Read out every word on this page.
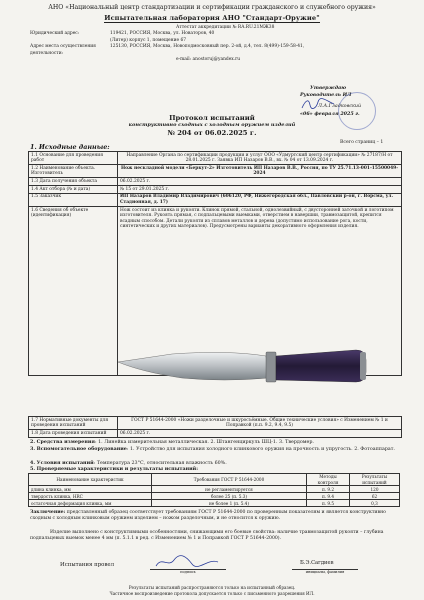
АНО «Национальный центр стандартизации и сертификации гражданского и служебного оружия»
Испытательная лаборатория АНО "Стандарт-Оружие"
Аттестат аккредитации № RA.RU.21МЖ38
Юридический адрес:	119421, РОССИЯ, Москва, ул. Новаторов, 40
(Литер) корпус 1, помещение 67
Адрес места осуществления деятельности:
125130, РОССИЯ, Москва, Новоподмосковный пер. 2-ой, д.4, тел. 8(499)-159-58-41,
e-mail: anostoruj@yandex.ru
Утверждаю
Руководитель ИЛ
Л.А.Гладковский
«06» февраля 2025 г.
Протокол испытаний
конструктивно сходных с холодным оружием изделий
№ 204 от 06.02.2025 г.
Всего страниц – 1
1. Исходные данные:
1.1 Основание для проведения работ	Направление Органа по сертификации продукции и услуг ООО «Удмуртский центр сертификации» № 27187/Н от 28.01.2025 г. Заявка ИП Назаров В.В., вх. № 04 от 13.09.2024 г.
1.2 Наименование объекта. Изготовитель	Нож нескладной модели «Беркут-2» Изготовитель ИП Назаров В.В., Россия, по ТУ 25.71.13-001-15500049-2024
1.3 Дата получения объекта	06.02.2025 г.
1.4 Акт отбора (№ и дата)	№ 15 от 29.01.2025 г.
1.5 Заказчик	ИП Назаров Владимир Владимирович (606120, РФ, Нижегородская обл., Павловский р-он, г. Ворсма, ул. Стадионная, д. 17)
1.6 Сведения об объекте (идентификация)	Нож состоит из клинка и рукояти. Клинок прямой, стальной, однолезвийный, с двусторонней заточкой и логотипом изготовителя. Рукоять прямая, с подпальцевыми выемками, отверстием в навершии, травмозащитой, крепится всадным способом. Детали рукояти из сплавов металлов и дерева (допустимо использование рога, кости, синтетических и других материалов). Предусмотрены варианты декоративного оформления изделия.
1.7 Нормативные документы для проведения испытаний	ГОСТ Р 51644-2000 «Ножи разделочные и шкуросъёмные. Общие технические условия» с Изменением № 1 и Поправкой (п.п. 9.2, 9.4, 9.5)
1.8 Дата проведения испытаний	06.02.2025 г.
2. Средства измерения: 1. Линейка измерительная металлическая. 2. Штангенциркуль ШЦ-1. 3. Твердомер.
3. Вспомогательное оборудование: 1. Устройство для испытания холодного клинкового оружия на прочность и упругость. 2. Фотоаппарат.
4. Условия испытаний: Температура 23°С, относительная влажность 60%.
5. Проверяемые характеристики и результаты испытаний:
Наименование характеристик	Требования ГОСТ Р 51644-2000	Методы контроля	Результаты испытаний
длина клинка, мм	не регламентируется	п. 9.2	120
твердость клинка, HRC	более 25 (п. 5.3)	п. 9.4	62
остаточная деформация клинка, мм	не более 1 (п. 5.4)	п. 9.5	0,3
Заключение: представленный образец соответствует требованиям ГОСТ Р 51644-2000 по проверенным показателям и является конструктивно сходным с холодным клинковым оружием изделием – ножом разделочным, и не относится к оружию.
Изделие выполнено с конструктивными особенностями, снижающими его боевые свойства: наличие травмозащитой рукояти – глубина подпальцевых выемок менее 4 мм (п. 5.1.1 в ред. с Изменением № 1 и Поправкой ГОСТ Р 51644-2000).
Испытания провел
подпись
Б.Э.Сагдиев
инициалы, фамилия
Результаты испытаний распространяются только на испытанный образец.
Частичное воспроизведение протокола допускается только с письменного разрешения ИЛ.
